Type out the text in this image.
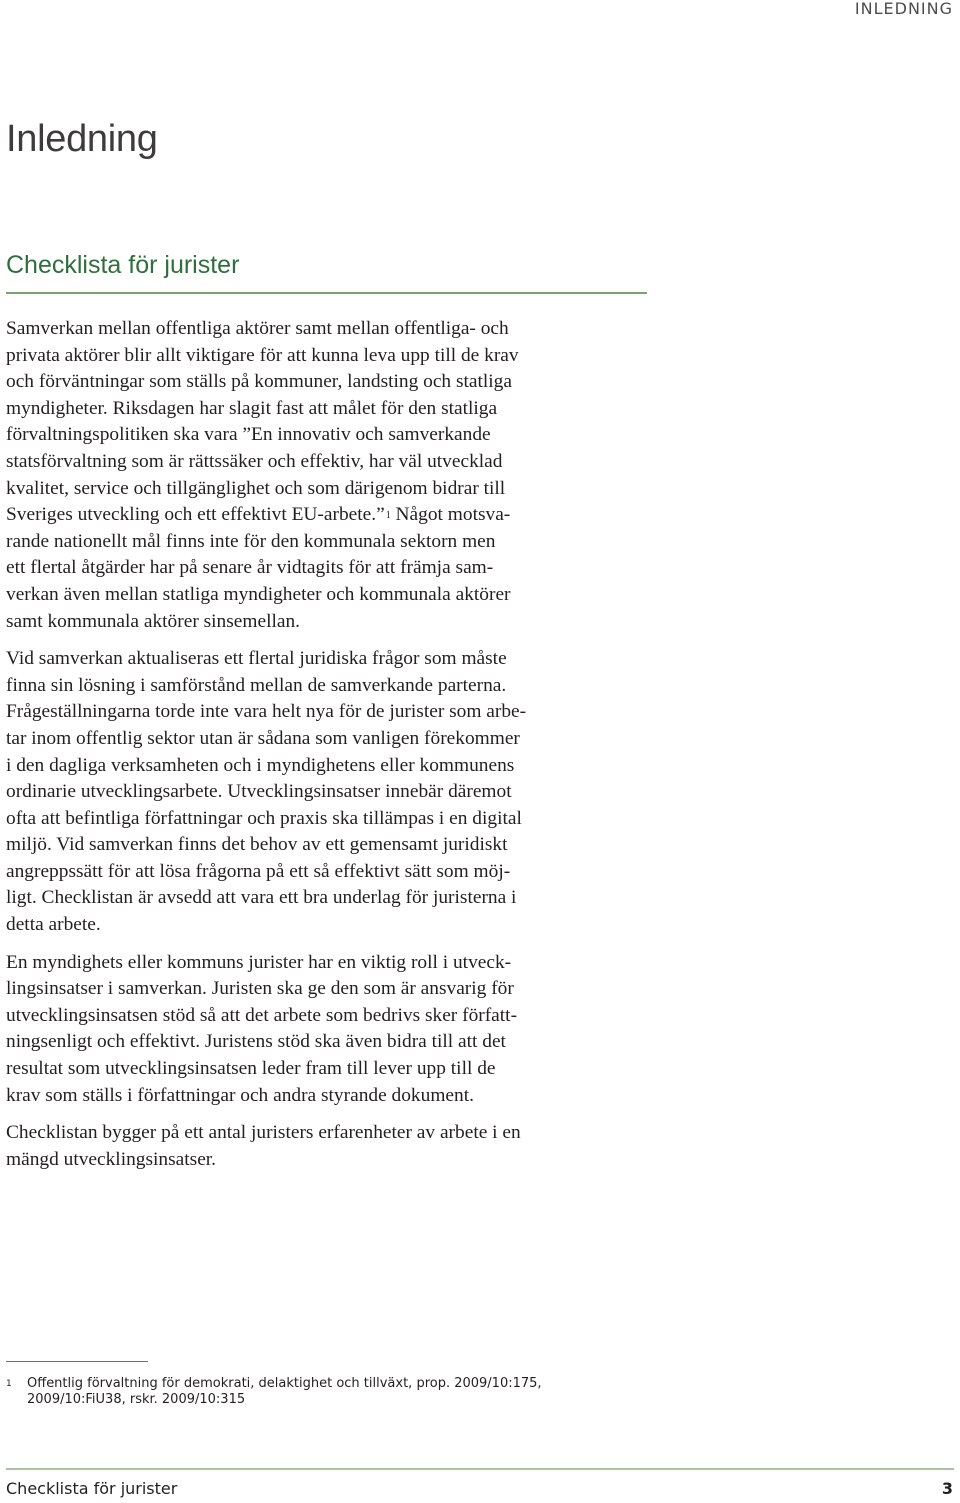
INLEDNING
Inledning
Checklista för jurister

Samverkan mellan offentliga aktörer samt mellan offentliga- och
privata aktörer blir allt viktigare för att kunna leva upp till de krav
och förväntningar som ställs på kommuner, landsting och statliga
myndigheter. Riksdagen har slagit fast att målet för den statliga
förvaltningspolitiken ska vara ”En innovativ och samverkande
statsförvaltning som är rättssäker och effektiv, har väl utvecklad
kvalitet, service och tillgänglighet och som därigenom bidrar till
Sveriges utveckling och ett effektivt EU-arbete.”$^1$ Något motsva-
rande nationellt mål finns inte för den kommunala sektorn men
ett flertal åtgärder har på senare år vidtagits för att främja sam-
verkan även mellan statliga myndigheter och kommunala aktörer
samt kommunala aktörer sinsemellan.

Vid samverkan aktualiseras ett flertal juridiska frågor som måste
finna sin lösning i samförstånd mellan de samverkande parterna.
Frågeställningarna torde inte vara helt nya för de jurister som arbe-
tar inom offentlig sektor utan är sådana som vanligen förekommer
i den dagliga verksamheten och i myndighetens eller kommunens
ordinarie utvecklingsarbete. Utvecklingsinsatser innebär däremot
ofta att befintliga författningar och praxis ska tillämpas i en digital
miljö. Vid samverkan finns det behov av ett gemensamt juridiskt
angreppssätt för att lösa frågorna på ett så effektivt sätt som möj-
ligt. Checklistan är avsedd att vara ett bra underlag för juristerna i
detta arbete.

En myndighets eller kommuns jurister har en viktig roll i utveck-
lingsinsatser i samverkan. Juristen ska ge den som är ansvarig för
utvecklingsinsatsen stöd så att det arbete som bedrivs sker författ-
ningsenligt och effektivt. Juristens stöd ska även bidra till att det
resultat som utvecklingsinsatsen leder fram till lever upp till de
krav som ställs i författningar och andra styrande dokument.

Checklistan bygger på ett antal juristers erfarenheter av arbete i en
mängd utvecklingsinsatser.

1 Offentlig förvaltning för demokrati, delaktighet och tillväxt, prop. 2009/10:175,
2009/10:FiU38, rskr. 2009/10:315
Checklista för jurister	3
